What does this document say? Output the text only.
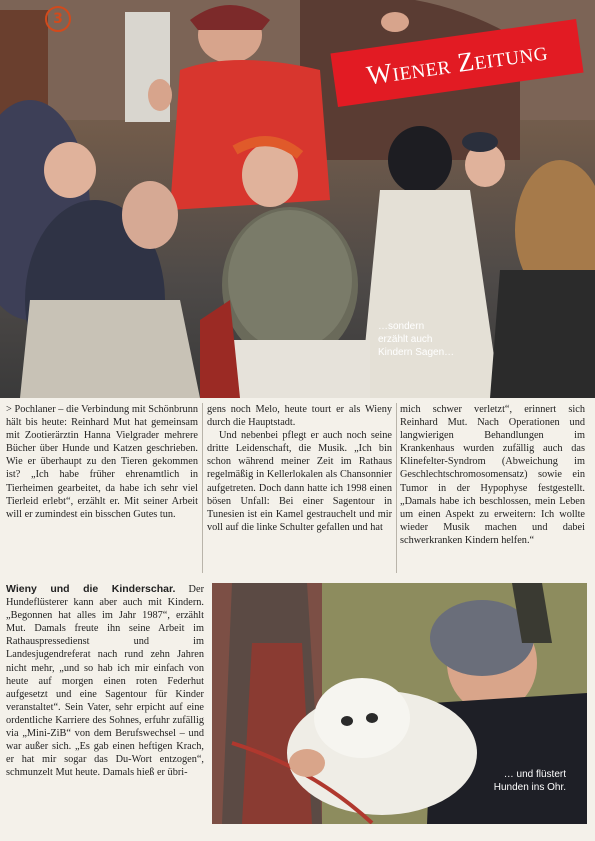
3
Wiener Zeitung
…sondern
erzählt auch
Kindern Sagen…

> Pochlaner – die Verbindung mit Schönbrunn hält bis heute: Reinhard Mut hat gemeinsam mit Zootierärztin Hanna Vielgrader mehrere Bücher über Hunde und Katzen geschrieben. Wie er überhaupt zu den Tieren gekommen ist? „Ich habe früher ehrenamtlich in Tierheimen gearbeitet, da habe ich sehr viel Tierleid erlebt“, erzählt er. Mit seiner Arbeit will er zumindest ein bisschen Gutes tun.

gens noch Melo, heute tourt er als Wieny durch die Hauptstadt.

Und nebenbei pflegt er auch noch seine dritte Leidenschaft, die Musik. „Ich bin schon während meiner Zeit im Rathaus regelmäßig in Kellerlokalen als Chansonnier aufgetreten. Doch dann hatte ich 1998 einen bösen Unfall: Bei einer Sagentour in Tunesien ist ein Kamel gestrauchelt und mir voll auf die linke Schulter gefallen und hat

mich schwer verletzt“, erinnert sich Reinhard Mut. Nach Operationen und langwierigen Behandlungen im Krankenhaus wurden zufällig auch das Klinefelter-Syndrom (Abweichung im Geschlechtschromosomensatz) sowie ein Tumor in der Hypophyse festgestellt. „Damals habe ich beschlossen, mein Leben um einen Aspekt zu erweitern: Ich wollte wieder Musik machen und dabei schwerkranken Kindern helfen.“

Wieny und die Kinderschar. Der Hundeflüsterer kann aber auch mit Kindern. „Begonnen hat alles im Jahr 1987“, erzählt Mut. Damals freute ihn seine Arbeit im Rathauspressedienst und im Landesjugendreferat nach rund zehn Jahren nicht mehr, „und so hab ich mir einfach von heute auf morgen einen roten Federhut aufgesetzt und eine Sagentour für Kinder veranstaltet“. Sein Vater, sehr erpicht auf eine ordentliche Karriere des Sohnes, erfuhr zufällig via „Mini-ZiB“ von dem Berufswechsel – und war außer sich. „Es gab einen heftigen Krach, er hat mir sogar das Du-Wort entzogen“, schmunzelt Mut heute. Damals hieß er übri-	… und flüstert
Hunden ins Ohr.
